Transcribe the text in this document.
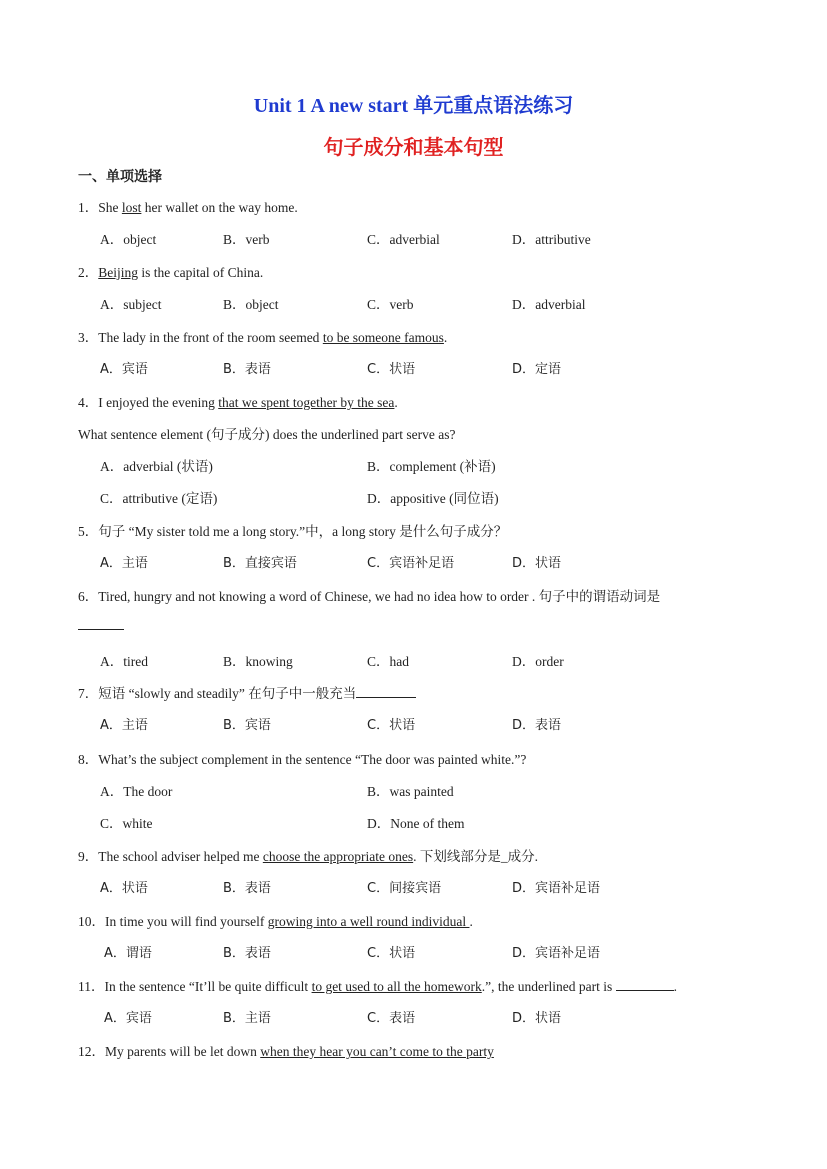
Unit 1 A new start 单元重点语法练习
句子成分和基本句型
一、单项选择
1．She lost her wallet on the way home.
A．object	B．verb	C．adverbial	D．attributive
2．Beijing is the capital of China.
A．subject	B．object	C．verb	D．adverbial
3．The lady in the front of the room seemed to be someone famous.
A．宾语	B．表语	C．状语	D．定语
4．I enjoyed the evening that we spent together by the sea.
What sentence element (句子成分) does the underlined part serve as?
A．adverbial (状语)	B．complement (补语)
C．attributive (定语)	D．appositive (同位语)
5．句子 “My sister told me a long story.”中，a long story 是什么句子成分？
A．主语	B．直接宾语	C．宾语补足语	D．状语
6．Tired, hungry and not knowing a word of Chinese, we had no idea how to order . 句子中的谓语动词是
A．tired	B．knowing	C．had	D．order
7．短语 “slowly and steadily” 在句子中一般充当
A．主语	B．宾语	C．状语	D．表语
8．What’s the subject complement in the sentence “The door was painted white.”?
A．The door	B．was painted
C．white	D．None of them
9．The school adviser helped me choose the appropriate ones. 下划线部分是_成分.
A．状语	B．表语	C．间接宾语	D．宾语补足语
10．In time you will find yourself growing into a well round individual .
A．谓语	B．表语	C．状语	D．宾语补足语
11．In the sentence “It’ll be quite difficult to get used to all the homework.”, the underlined part is	.
A．宾语	B．主语	C．表语	D．状语
12．My parents will be let down when they hear you can’t come to the party
